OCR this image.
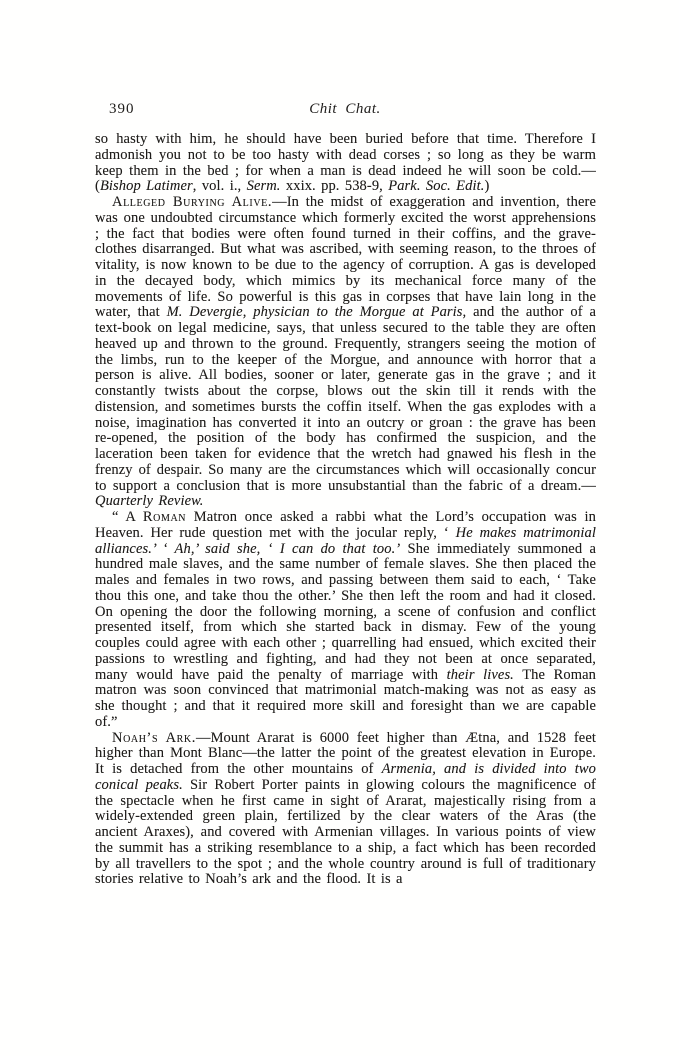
390	Chit Chat.

so hasty with him, he should have been buried before that time. Therefore I admonish you not to be too hasty with dead corses ; so long as they be warm keep them in the bed ; for when a man is dead indeed he will soon be cold.—(Bishop Latimer, vol. i., Serm. xxix. pp. 538-9, Park. Soc. Edit.)

Alleged Burying Alive.—In the midst of exaggeration and invention, there was one undoubted circumstance which formerly excited the worst apprehensions ; the fact that bodies were often found turned in their coffins, and the grave-clothes disarranged. But what was ascribed, with seeming reason, to the throes of vitality, is now known to be due to the agency of corruption. A gas is developed in the decayed body, which mimics by its mechanical force many of the movements of life. So powerful is this gas in corpses that have lain long in the water, that M. Devergie, physician to the Morgue at Paris, and the author of a text-book on legal medicine, says, that unless secured to the table they are often heaved up and thrown to the ground. Frequently, strangers seeing the motion of the limbs, run to the keeper of the Morgue, and announce with horror that a person is alive. All bodies, sooner or later, generate gas in the grave ; and it constantly twists about the corpse, blows out the skin till it rends with the distension, and sometimes bursts the coffin itself. When the gas explodes with a noise, imagination has converted it into an outcry or groan : the grave has been re-opened, the position of the body has confirmed the suspicion, and the laceration been taken for evidence that the wretch had gnawed his flesh in the frenzy of despair. So many are the circumstances which will occasionally concur to support a conclusion that is more unsubstantial than the fabric of a dream.—Quarterly Review.

“ A Roman Matron once asked a rabbi what the Lord’s occupation was in Heaven. Her rude question met with the jocular reply, ‘ He makes matrimonial alliances.’ ‘ Ah,’ said she, ‘ I can do that too.’ She immediately summoned a hundred male slaves, and the same number of female slaves. She then placed the males and females in two rows, and passing between them said to each, ‘ Take thou this one, and take thou the other.’ She then left the room and had it closed. On opening the door the following morning, a scene of confusion and conflict presented itself, from which she started back in dismay. Few of the young couples could agree with each other ; quarrelling had ensued, which excited their passions to wrestling and fighting, and had they not been at once separated, many would have paid the penalty of marriage with their lives. The Roman matron was soon convinced that matrimonial match-making was not as easy as she thought ; and that it required more skill and foresight than we are capable of.”

Noah’s Ark.—Mount Ararat is 6000 feet higher than Ætna, and 1528 feet higher than Mont Blanc—the latter the point of the greatest elevation in Europe. It is detached from the other mountains of Armenia, and is divided into two conical peaks. Sir Robert Porter paints in glowing colours the magnificence of the spectacle when he first came in sight of Ararat, majestically rising from a widely-extended green plain, fertilized by the clear waters of the Aras (the ancient Araxes), and covered with Armenian villages. In various points of view the summit has a striking resemblance to a ship, a fact which has been recorded by all travellers to the spot ; and the whole country around is full of traditionary stories relative to Noah’s ark and the flood. It is a
